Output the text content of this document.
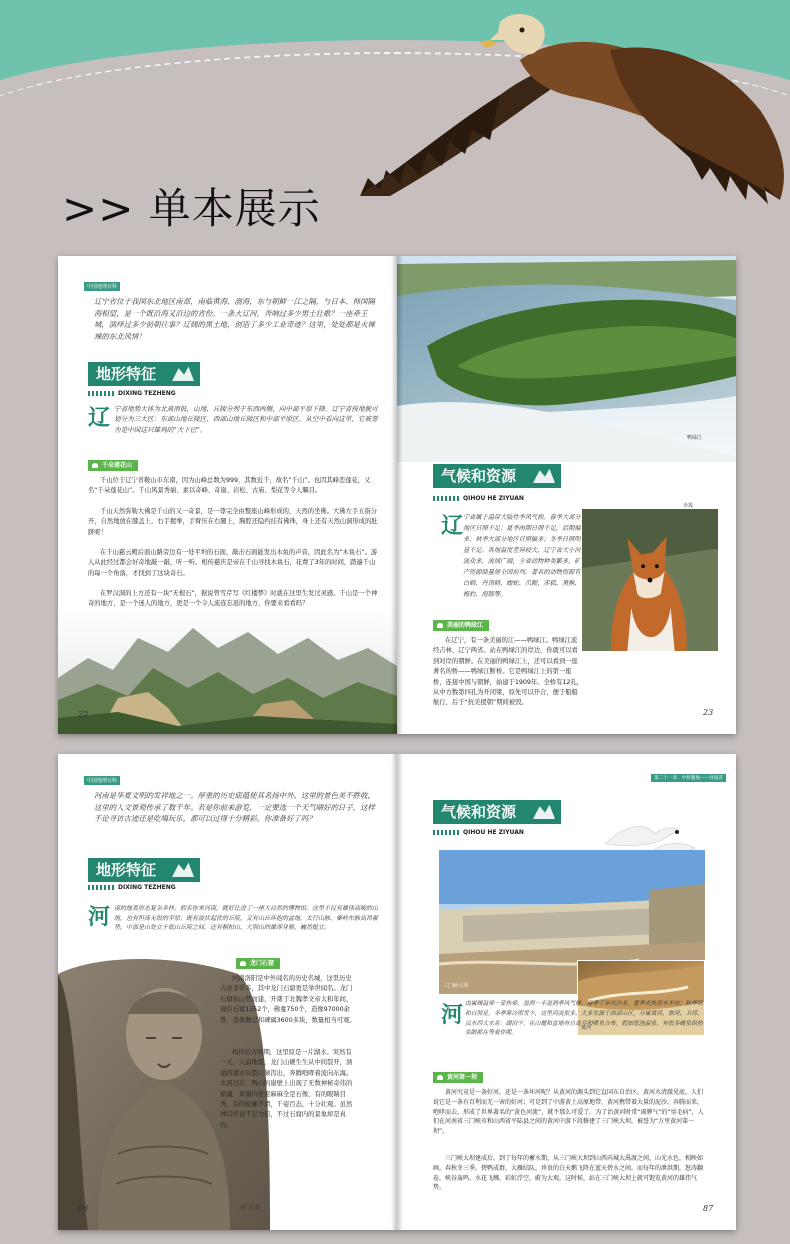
>> 单本展示
中国地理百科
辽宁省位于我国东北地区南部，南临黄海、渤海，东与朝鲜一江之隔，与日本、韩国隔海相望，是一个既沿海又沿边的省份。一条大辽河，奔响过多少男士壮歌？一座牵王城，演绎过多少前朝往事？辽阔的黑土地，创造了多少工业奇迹？这里，处处都是火辣辣的东北风情！
地形特征
DIXING TEZHENG
辽 宁省地势大体为北高南低，山地、丘陵分列于东西两侧，向中部平原下降。辽宁省按地貌可划分为三大区：东部山地丘陵区，西部山地丘陵区和中部平原区。从空中看向这里，它被誉为是中国这只雄鸡的“大下巴”。
千朵莲花山
千山位于辽宁省鞍山市东南，因为山峰总数为999，其数近千，故名“千山”。也因其峰峦莲花，又名“千朵莲花山”。千山风景秀丽、素以奇峰、奇崖、岩松、古庙、梨花等令人瞩目。
千山天然弥勒大佛是千山的又一奇景，是一尊完全由整座山峰形成的，天然的坐佛。大佛左手五指分开，自然地放在膝盖上，右手握拳，手臂压在右腿上，胸腔还隐约挂有佛珠，身上还有天然山洞形成的肚脐呢！
在千山慈云殿后面山路旁边有一处平坦的石面，敲击石面能发出木鱼的声音，因此名为“木鱼石”。游人从此经过都会好奇地敲一敲，听一听。相传慈庆是帝在千山寻找木鱼石，花费了3年的时间，踏遍千山的每一个角落，才找到了这块奇石。
在罗汉洞的上方还有一块“无根石”，据说曾雪芹写《红楼梦》时就在这里生发过灵感。千山是一个神奇的地方，是一个迷人的地方，更是一个令人流连忘返的地方，你要来看看吗？
22
鸭绿江
气候和资源
QIHOU HE ZIYUAN
辽 宁省属于温带大陆性季风气候。春季大部分地区日照不足；夏季雨期日照不足，后期偏多；秋季大部分地区日照偏多；冬季日照明显不足。各地温度差异较大，辽宁省大小河流众多，流域广阔，全省动物种类繁多，矿产资源储量居全国前列。著名的动物资源有白鹤、丹顶鹤、蝮蛇、爪鲵、赤狐、黑熊、梅豹、海豚等。
赤狐
美丽的鸭绿江
在辽宁，有一条美丽的江——鸭绿江。鸭绿江流经吉林、辽宁两省。站在鸭绿江的岸边，你就可以看到对岸的朝鲜。在美丽的鸭绿江上，还可以看到一座著名的桥——鸭绿江断桥。它是鸭绿江上的第一座桥，连接中国与朝鲜，始建于1909年。全桥有12孔，从中方数第四孔为开闭梁，原先可以开合，便于船船航行，后于“抗美援朝”期间被毁。
23
中国地理百科
河南是华夏文明的发祥地之一。厚重的历史底蕴使其名扬中外。这里的景色美不胜收，这里的人文景观传承了数千年。若是你前来游览，一定要选一个天气晴好的日子，这样不论寻访古迹还是吃喝玩乐，都可以过得十分精彩。你准备好了吗？
地形特征
DIXING TEZHENG
河 南的地表形态复杂多样。假若你来河南，就好比进了一座大自然的博物馆。这里不仅有雄伟高峻的山地，也有坦荡无垠的平原；既有波状起伏的丘陵，又有山丘环抱的盆地，太行山脉、秦岭东脉高昂蓄势，中部是山处立于低山丘陵之间，还有桐柏山、大别山的雄浑身躯，巍然挺立。
龙门石窟
龙门石窟
河南洛阳是中外闻名的历史名城，这里历史古迹非常多，其中龙门石窟更是举世闻名。龙门石窟依山势而建，开凿于北魏孝文帝太和年间，现存石窟1352个，佛龛750个，造像97000余尊，造像题记和碑碣3600多块，数量相当可观。
相传远古时期，这里原是一片湖水。突然有一天，天崩地裂，龙门山硬生生从中间裂开，汹涌的湖水从裂口倾泻出，奔腾咆哮着流向东海。水流过后，两山的崖壁上出现了无数神秘奇伟的窟窿，窟窿内密密麻麻全是石像，有的眼睛目秀，有的轮廓不清，千姿百态，十分壮观。虽然神话传说不足为信，不过石窟内的景象却是真的。
86
第二十一章 中原腹地——河南省
气候和资源
QIHOU HE ZIYUAN
三门峡大坝
黄河
河 南属暖温带－亚热带、湿润－半湿润季风气候。春季干旱风沙多，夏季炎热雨水丰沛；秋季晴和日照足，冬季寒冷雨雪少，这里河流很多，大多发源于西部山区，分属黄河、淮河、卫河、汉水四大水系：湖泊少。在山麓和盆地有自流井和喷泉分布。假如您泡温泉，有很多暖泉供热泉眼都在等着你呢。
黄河第一坝
黄河究竟是一条好河，还是一条坏河呢？从黄河的源头到它直国东自治区，黄河水清澈见底，人们说它是一条有百利而无一害的好河；可是到了中游黄土高原地带，黄河携带着大量的泥沙，奔腾而来，咆哮而去，形成了世界著名的“黄色河流”，就不那么可爱了。为了治黄河时常“闹脾气”的“臭毛病”，人们在河南省三门峡市和山西省平陆县之间的黄河中游下段修建了三门峡大坝，被誉为“万里黄河第一坝”。
三门峡大坝建成后，到了每年的蓄水期，从三门峡大坝到山西芮城大禹渡之间，山光水色，相映如画。春秋冬三季，碧鸭成群，大雁结队，珍贵的白天鹅飞降在蓝天碧水之间。而每年的泄洪期，怒涛翻卷，峡谷轰鸣，水花飞溅，彩虹浮空，蔚为大观。这时候，站在三门峡大坝上就可饱览黄河的雄伟气势。
87
